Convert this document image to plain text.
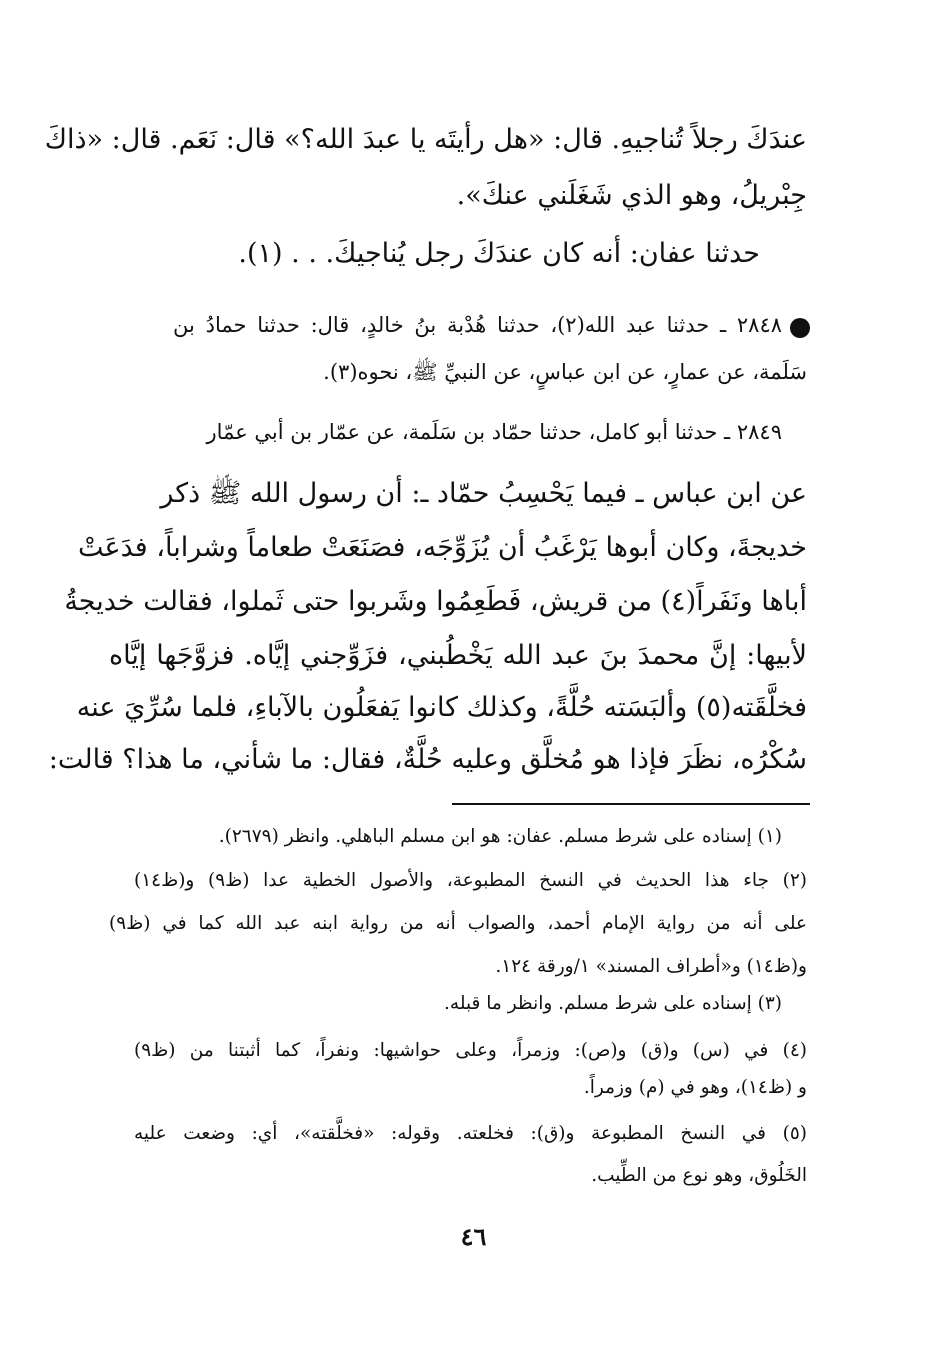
عندَكَ رجلاً تُناجيهِ. قال: «هل رأيتَه يا عبدَ الله؟» قال: نَعَم. قال: «ذاكَ

جِبْريلُ، وهو الذي شَغَلَني عنكَ».

حدثنا عفان: أنه كان عندَكَ رجل يُناجيكَ. . . (١).

٢٨٤٨ ـ حدثنا عبد الله(٢)، حدثنا هُدْبة بنُ خالدٍ، قال: حدثنا حمادُ بن

سَلَمة، عن عمارٍ، عن ابن عباسٍ، عن النبيِّ ﷺ، نحوه(٣).

٢٨٤٩ ـ حدثنا أبو كامل، حدثنا حمّاد بن سَلَمة، عن عمّار بن أبي عمّار

عن ابن عباس ـ فيما يَحْسِبُ حمّاد ـ: أن رسول الله ﷺ ذكر

خديجةَ، وكان أبوها يَرْغَبُ أن يُزَوِّجَه، فصَنَعَتْ طعاماً وشراباً، فدَعَتْ

أباها ونَفَراً(٤) من قريش، فَطَعِمُوا وشَربوا حتى ثَملوا، فقالت خديجةُ

لأبيها: إنَّ محمدَ بنَ عبد الله يَخْطُبني، فزَوِّجني إيَّاه. فزوَّجَها إيَّاه

فخلَّقَته(٥) وألبَسَته حُلَّةً، وكذلك كانوا يَفعَلُون بالآباءِ، فلما سُرِّيَ عنه

سُكْرُه، نظَرَ فإذا هو مُخلَّق وعليه حُلَّةٌ، فقال: ما شأني، ما هذا؟ قالت:

(١) إسناده على شرط مسلم. عفان: هو ابن مسلم الباهلي. وانظر (٢٦٧٩).

(٢) جاء هذا الحديث في النسخ المطبوعة، والأصول الخطية عدا (ظ٩) و(ظ١٤)

على أنه من رواية الإمام أحمد، والصواب أنه من رواية ابنه عبد الله كما في (ظ٩)

و(ظ١٤) و«أطراف المسند» ١/ورقة ١٢٤.

(٣) إسناده على شرط مسلم. وانظر ما قبله.

(٤) في (س) و(ق) و(ص): وزمراً، وعلى حواشيها: ونفراً، كما أثبتنا من (ظ٩)

و (ظ١٤)، وهو في (م) وزمراً.

(٥) في النسخ المطبوعة و(ق): فخلعته. وقوله: «فخلَّقته»، أي: وضعت عليه

الخَلُوق، وهو نوع من الطِّيب.

٤٦
